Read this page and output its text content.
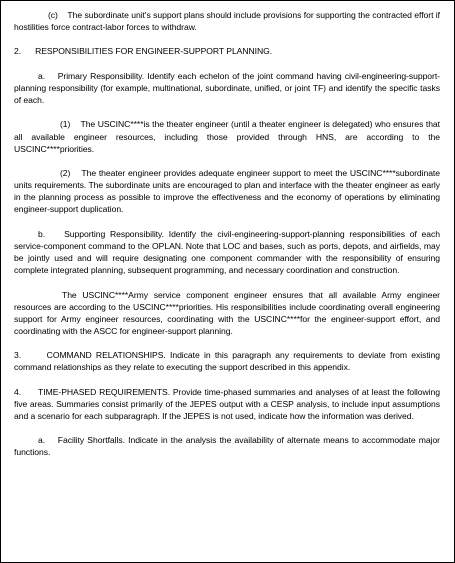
(c)    The subordinate unit's support plans should include provisions for supporting the contracted effort if hostilities force contract-labor forces to withdraw.

2.      RESPONSIBILITIES FOR ENGINEER-SUPPORT PLANNING.

a.    Primary Responsibility. Identify each echelon of the joint command having civil-engineering-support-planning responsibility (for example, multinational, subordinate, unified, or joint TF) and identify the specific tasks of each.

(1)    The USCINC****is the theater engineer (until a theater engineer is delegated) who ensures that all available engineer resources, including those provided through HNS, are according to the USCINC****priorities.

(2)    The theater engineer provides adequate engineer support to meet the USCINC****subordinate units requirements. The subordinate units are encouraged to plan and interface with the theater engineer as early in the planning process as possible to improve the effectiveness and the economy of operations by eliminating engineer-support duplication.

b.    Supporting Responsibility. Identify the civil-engineering-support-planning responsibilities of each service-component command to the OPLAN. Note that LOC and bases, such as ports, depots, and airfields, may be jointly used and will require designating one component commander with the responsibility of ensuring complete integrated planning, subsequent programming, and necessary coordination and construction.

The USCINC****Army service component engineer ensures that all available Army engineer resources are according to the USCINC****priorities. His responsibilities include coordinating overall engineering support for Army engineer resources, coordinating with the USCINC****for the engineer-support effort, and coordinating with the ASCC for engineer-support planning.

3.      COMMAND RELATIONSHIPS. Indicate in this paragraph any requirements to deviate from existing command relationships as they relate to executing the support described in this appendix.

4.      TIME-PHASED REQUIREMENTS. Provide time-phased summaries and analyses of at least the following five areas. Summaries consist primarily of the JEPES output with a CESP analysis, to include input assumptions and a scenario for each subparagraph. If the JEPES is not used, indicate how the information was derived.

a.    Facility Shortfalls. Indicate in the analysis the availability of alternate means to accommodate major functions.
